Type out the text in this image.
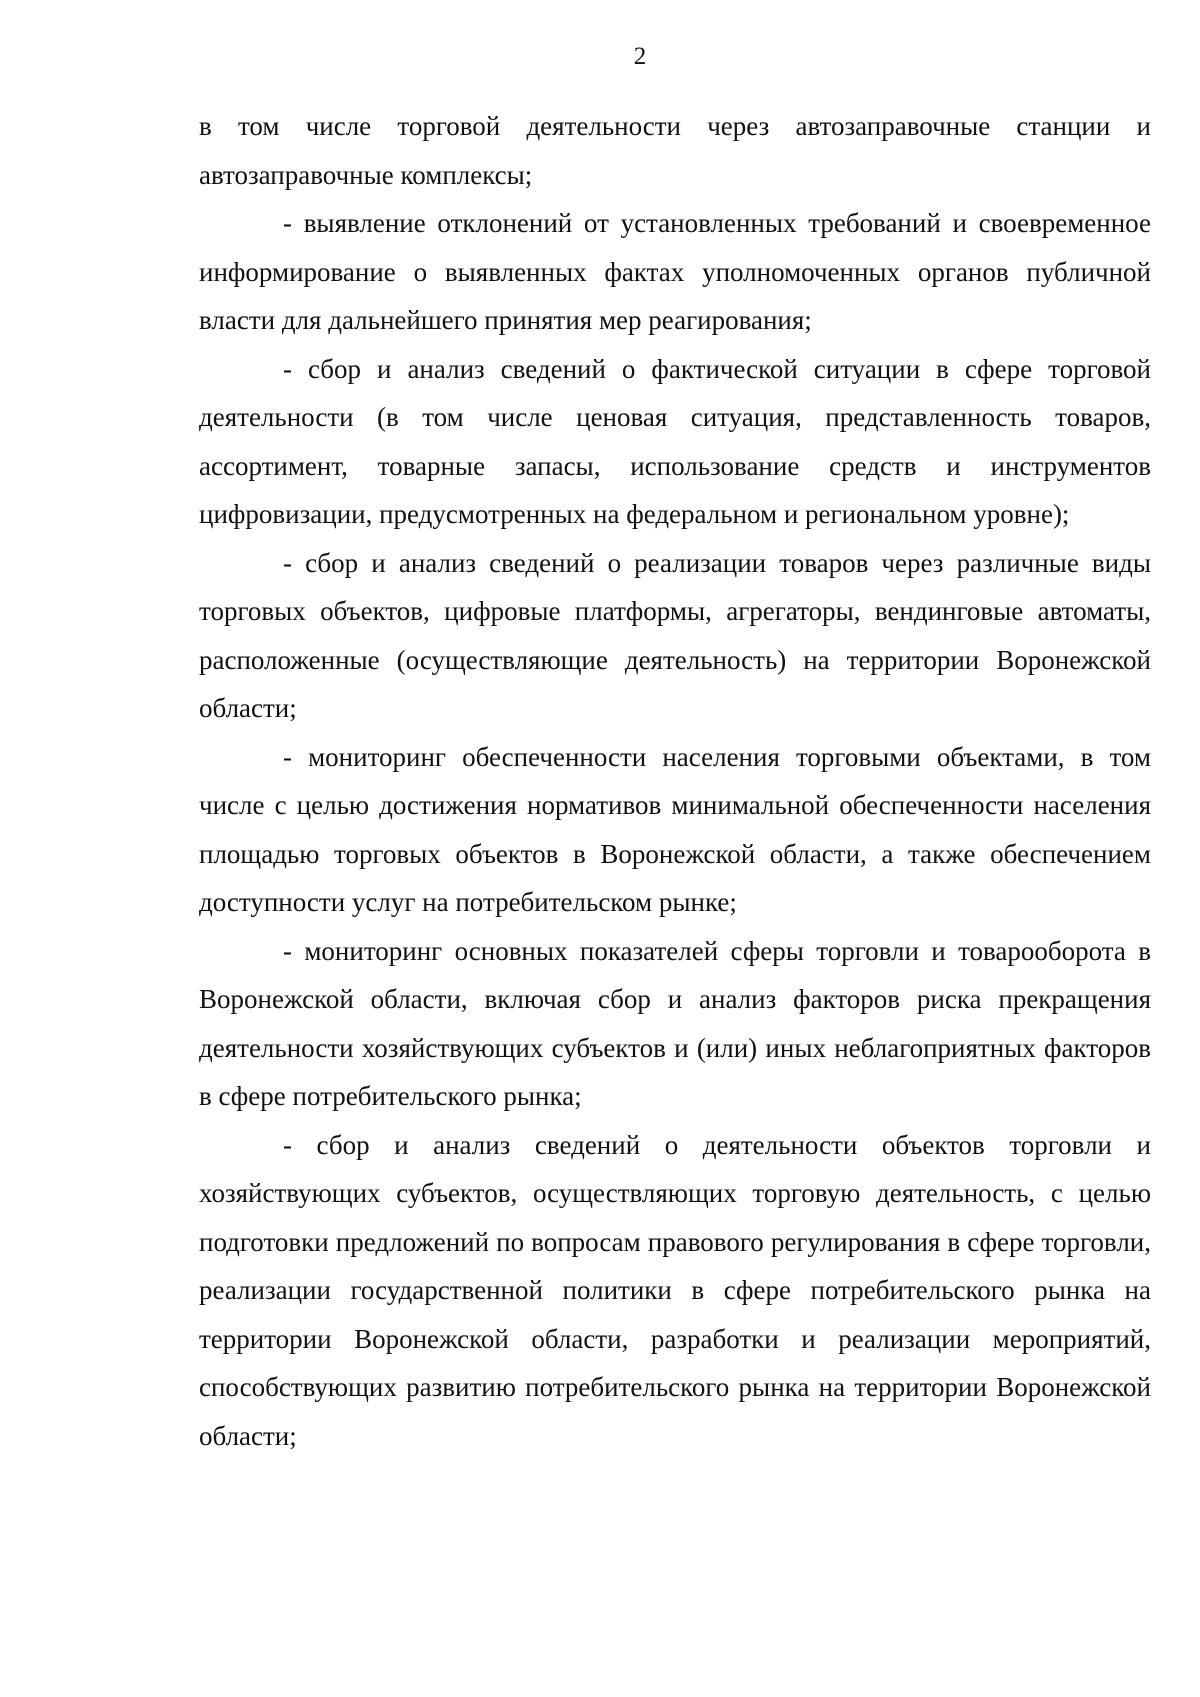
2

в том числе торговой деятельности через автозаправочные станции и автозаправочные комплексы;

- выявление отклонений от установленных требований и своевременное информирование о выявленных фактах уполномоченных органов публичной власти для дальнейшего принятия мер реагирования;

- сбор и анализ сведений о фактической ситуации в сфере торговой деятельности (в том числе ценовая ситуация, представленность товаров, ассортимент, товарные запасы, использование средств и инструментов цифровизации, предусмотренных на федеральном и региональном уровне);

- сбор и анализ сведений о реализации товаров через различные виды торговых объектов, цифровые платформы, агрегаторы, вендинговые автоматы, расположенные (осуществляющие деятельность) на территории Воронежской области;

- мониторинг обеспеченности населения торговыми объектами, в том числе с целью достижения нормативов минимальной обеспеченности населения площадью торговых объектов в Воронежской области, а также обеспечением доступности услуг на потребительском рынке;

- мониторинг основных показателей сферы торговли и товарооборота в Воронежской области, включая сбор и анализ факторов риска прекращения деятельности хозяйствующих субъектов и (или) иных неблагоприятных факторов в сфере потребительского рынка;

- сбор и анализ сведений о деятельности объектов торговли и хозяйствующих субъектов, осуществляющих торговую деятельность, с целью подготовки предложений по вопросам правового регулирования в сфере торговли, реализации государственной политики в сфере потребительского рынка на территории Воронежской области, разработки и реализации мероприятий, способствующих развитию потребительского рынка на территории Воронежской области;
